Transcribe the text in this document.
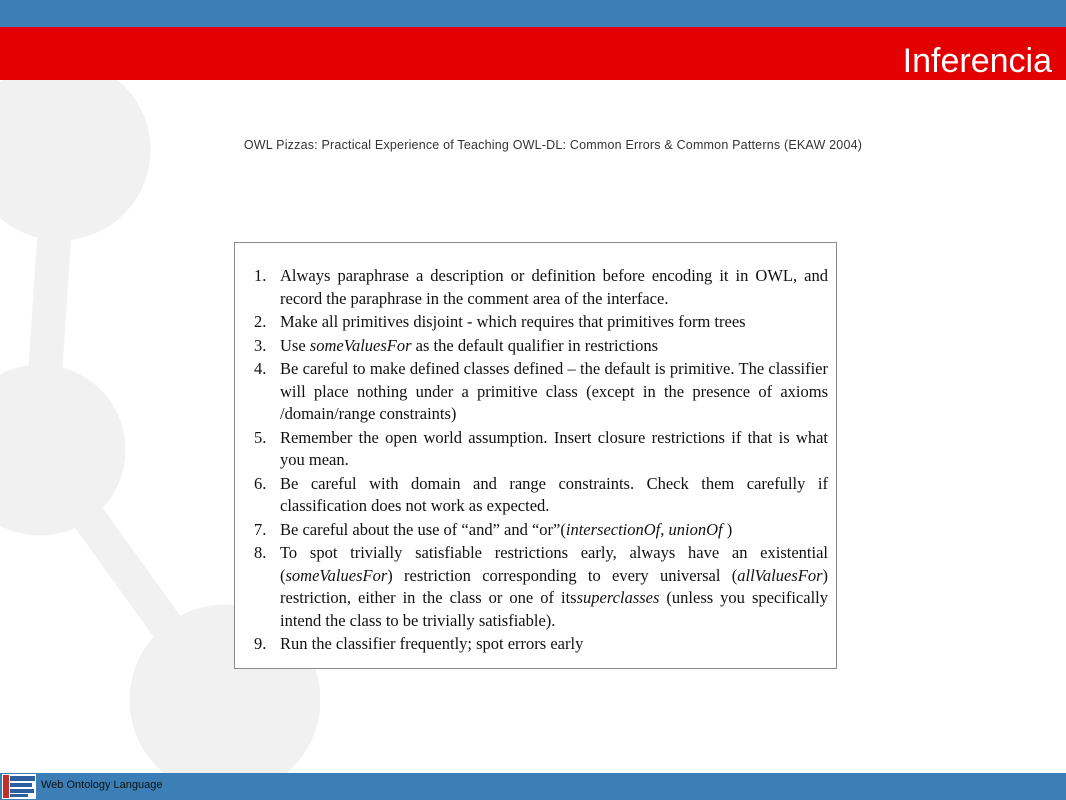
Inferencia
OWL Pizzas: Practical Experience of Teaching OWL-DL: Common Errors & Common Patterns (EKAW 2004)
1. Always paraphrase a description or definition before encoding it in OWL, and record the paraphrase in the comment area of the interface.
2. Make all primitives disjoint - which requires that primitives form trees
3. Use someValuesFor as the default qualifier in restrictions
4. Be careful to make defined classes defined – the default is primitive. The classifier will place nothing under a primitive class (except in the presence of axioms /domain/range constraints)
5. Remember the open world assumption. Insert closure restrictions if that is what you mean.
6. Be careful with domain and range constraints. Check them carefully if classification does not work as expected.
7. Be careful about the use of “and” and “or”(intersectionOf, unionOf )
8. To spot trivially satisfiable restrictions early, always have an existential (someValuesFor) restriction corresponding to every universal (allValuesFor) restriction, either in the class or one of itssuperclasses (unless you specifically intend the class to be trivially satisfiable).
9. Run the classifier frequently; spot errors early
Web Ontology Language
